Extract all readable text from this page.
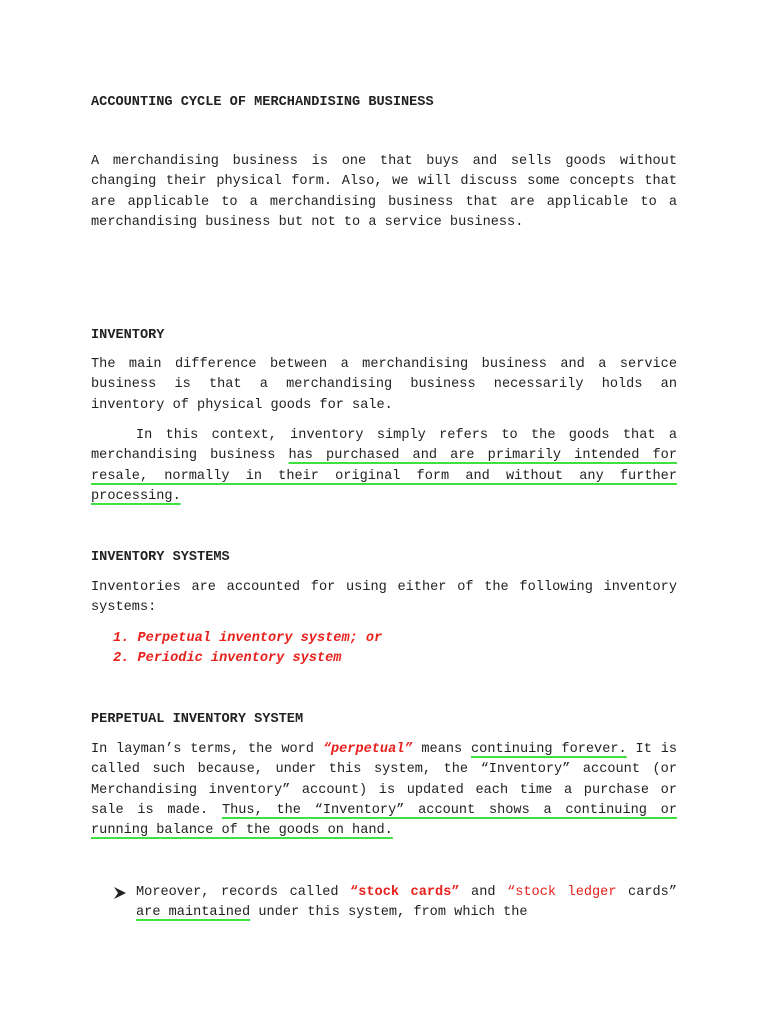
ACCOUNTING CYCLE OF MERCHANDISING BUSINESS

A merchandising business is one that buys and sells goods without changing their physical form. Also, we will discuss some concepts that are applicable to a merchandising business that are applicable to a merchandising business but not to a service business.

INVENTORY

The main difference between a merchandising business and a service business is that a merchandising business necessarily holds an inventory of physical goods for sale.

In this context, inventory simply refers to the goods that a merchandising business has purchased and are primarily intended for resale, normally in their original form and without any further processing.

INVENTORY SYSTEMS

Inventories are accounted for using either of the following inventory systems:

1. Perpetual inventory system; or
2. Periodic inventory system

PERPETUAL INVENTORY SYSTEM

In layman’s terms, the word “perpetual” means continuing forever. It is called such because, under this system, the “Inventory” account (or Merchandising inventory” account) is updated each time a purchase or sale is made. Thus, the “Inventory” account shows a continuing or running balance of the goods on hand.

Moreover, records called “stock cards” and “stock ledger cards” are maintained under this system, from which the
